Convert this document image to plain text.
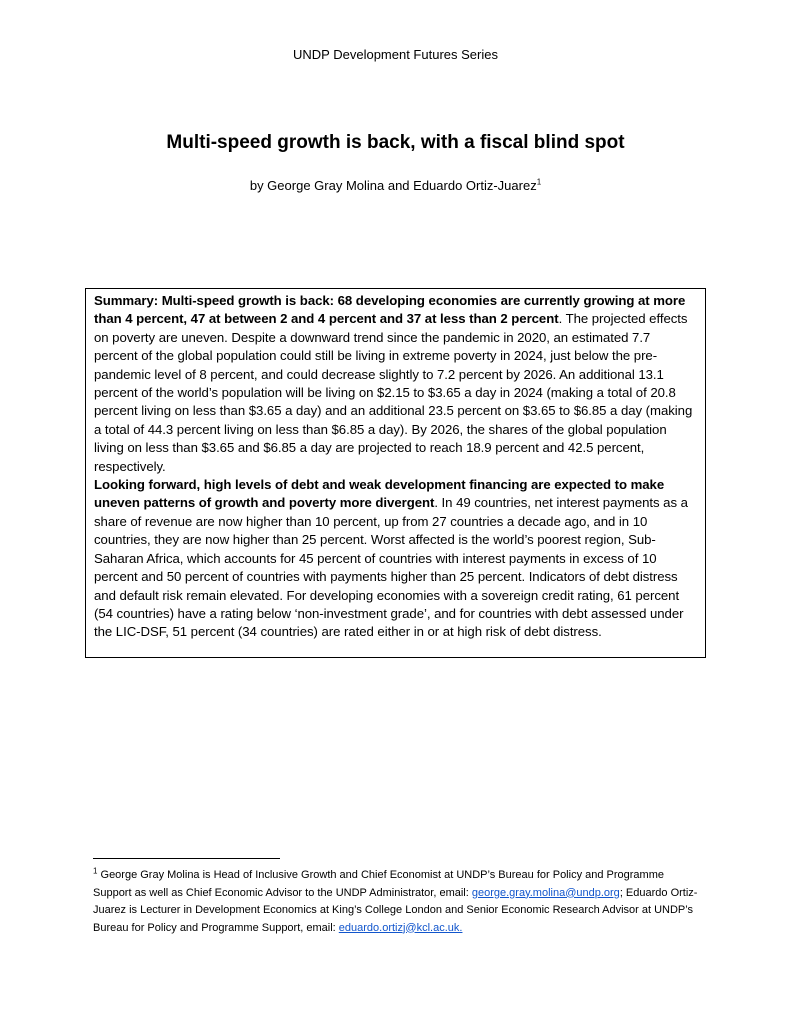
UNDP Development Futures Series
Multi-speed growth is back, with a fiscal blind spot
by George Gray Molina and Eduardo Ortiz-Juarez$^1$

Summary: Multi-speed growth is back: 68 developing economies are currently growing at more than 4 percent, 47 at between 2 and 4 percent and 37 at less than 2 percent. The projected effects on poverty are uneven. Despite a downward trend since the pandemic in 2020, an estimated 7.7 percent of the global population could still be living in extreme poverty in 2024, just below the pre-pandemic level of 8 percent, and could decrease slightly to 7.2 percent by 2026. An additional 13.1 percent of the world’s population will be living on $2.15 to $3.65 a day in 2024 (making a total of 20.8 percent living on less than $3.65 a day) and an additional 23.5 percent on $3.65 to $6.85 a day (making a total of 44.3 percent living on less than $6.85 a day). By 2026, the shares of the global population living on less than $3.65 and $6.85 a day are projected to reach 18.9 percent and 42.5 percent, respectively.

Looking forward, high levels of debt and weak development financing are expected to make uneven patterns of growth and poverty more divergent. In 49 countries, net interest payments as a share of revenue are now higher than 10 percent, up from 27 countries a decade ago, and in 10 countries, they are now higher than 25 percent. Worst affected is the world’s poorest region, Sub-Saharan Africa, which accounts for 45 percent of countries with interest payments in excess of 10 percent and 50 percent of countries with payments higher than 25 percent. Indicators of debt distress and default risk remain elevated. For developing economies with a sovereign credit rating, 61 percent (54 countries) have a rating below ‘non-investment grade’, and for countries with debt assessed under the LIC-DSF, 51 percent (34 countries) are rated either in or at high risk of debt distress.

$^1$ George Gray Molina is Head of Inclusive Growth and Chief Economist at UNDP’s Bureau for Policy and Programme Support as well as Chief Economic Advisor to the UNDP Administrator, email: george.gray.molina@undp.org; Eduardo Ortiz-Juarez is Lecturer in Development Economics at King’s College London and Senior Economic Research Advisor at UNDP’s Bureau for Policy and Programme Support, email: eduardo.ortizj@kcl.ac.uk.
